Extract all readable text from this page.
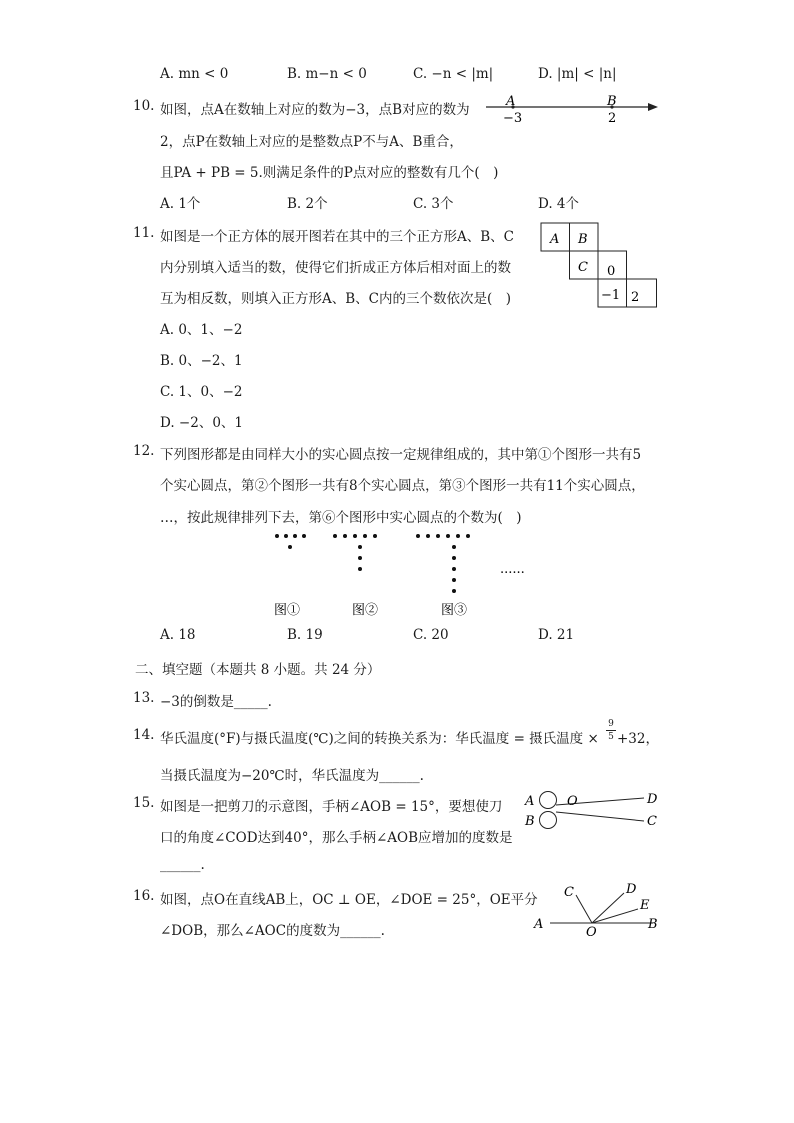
A. mn < 0	B. m−n < 0	C. −n < |m|	D. |m| < |n|
10. 如图，点A在数轴上对应的数为−3，点B对应的数为
2，点P在数轴上对应的是整数点P不与A、B重合，
且PA + PB = 5.则满足条件的P点对应的整数有几个(　)
A	B
−3	2
A. 1个	B. 2个	C. 3个	D. 4个
11. 如图是一个正方体的展开图若在其中的三个正方形A、B、C
内分别填入适当的数，使得它们折成正方体后相对面上的数
互为相反数，则填入正方形A、B、C内的三个数依次是(　)
A B
C 0
−1 2
A. 0、1、−2
B. 0、−2、1
C. 1、0、−2
D. −2、0、1
12. 下列图形都是由同样大小的实心圆点按一定规律组成的，其中第①个图形一共有5
个实心圆点，第②个图形一共有8个实心圆点，第③个图形一共有11个实心圆点，
…，按此规律排列下去，第⑥个图形中实心圆点的个数为(　)
......
图①	图②	图③
A. 18	B. 19	C. 20	D. 21
二、填空题（本题共 8 小题。共 24 分）
13. −3的倒数是_____.
14. 华氏温度(°F)与摄氏温度(℃)之间的转换关系为：华氏温度 = 摄氏温度 ×
9
5 +32，
当摄氏温度为−20℃时，华氏温度为______.
15. 如图是一把剪刀的示意图，手柄∠AOB = 15°，要想使刀
口的角度∠COD达到40°，那么手柄∠AOB应增加的度数是
______.
A
B
O	D
C
16. 如图，点O在直线AB上，OC ⊥ OE，∠DOE = 25°，OE平分
∠DOB，那么∠AOC的度数为______.	A	B
C	D
E
O
